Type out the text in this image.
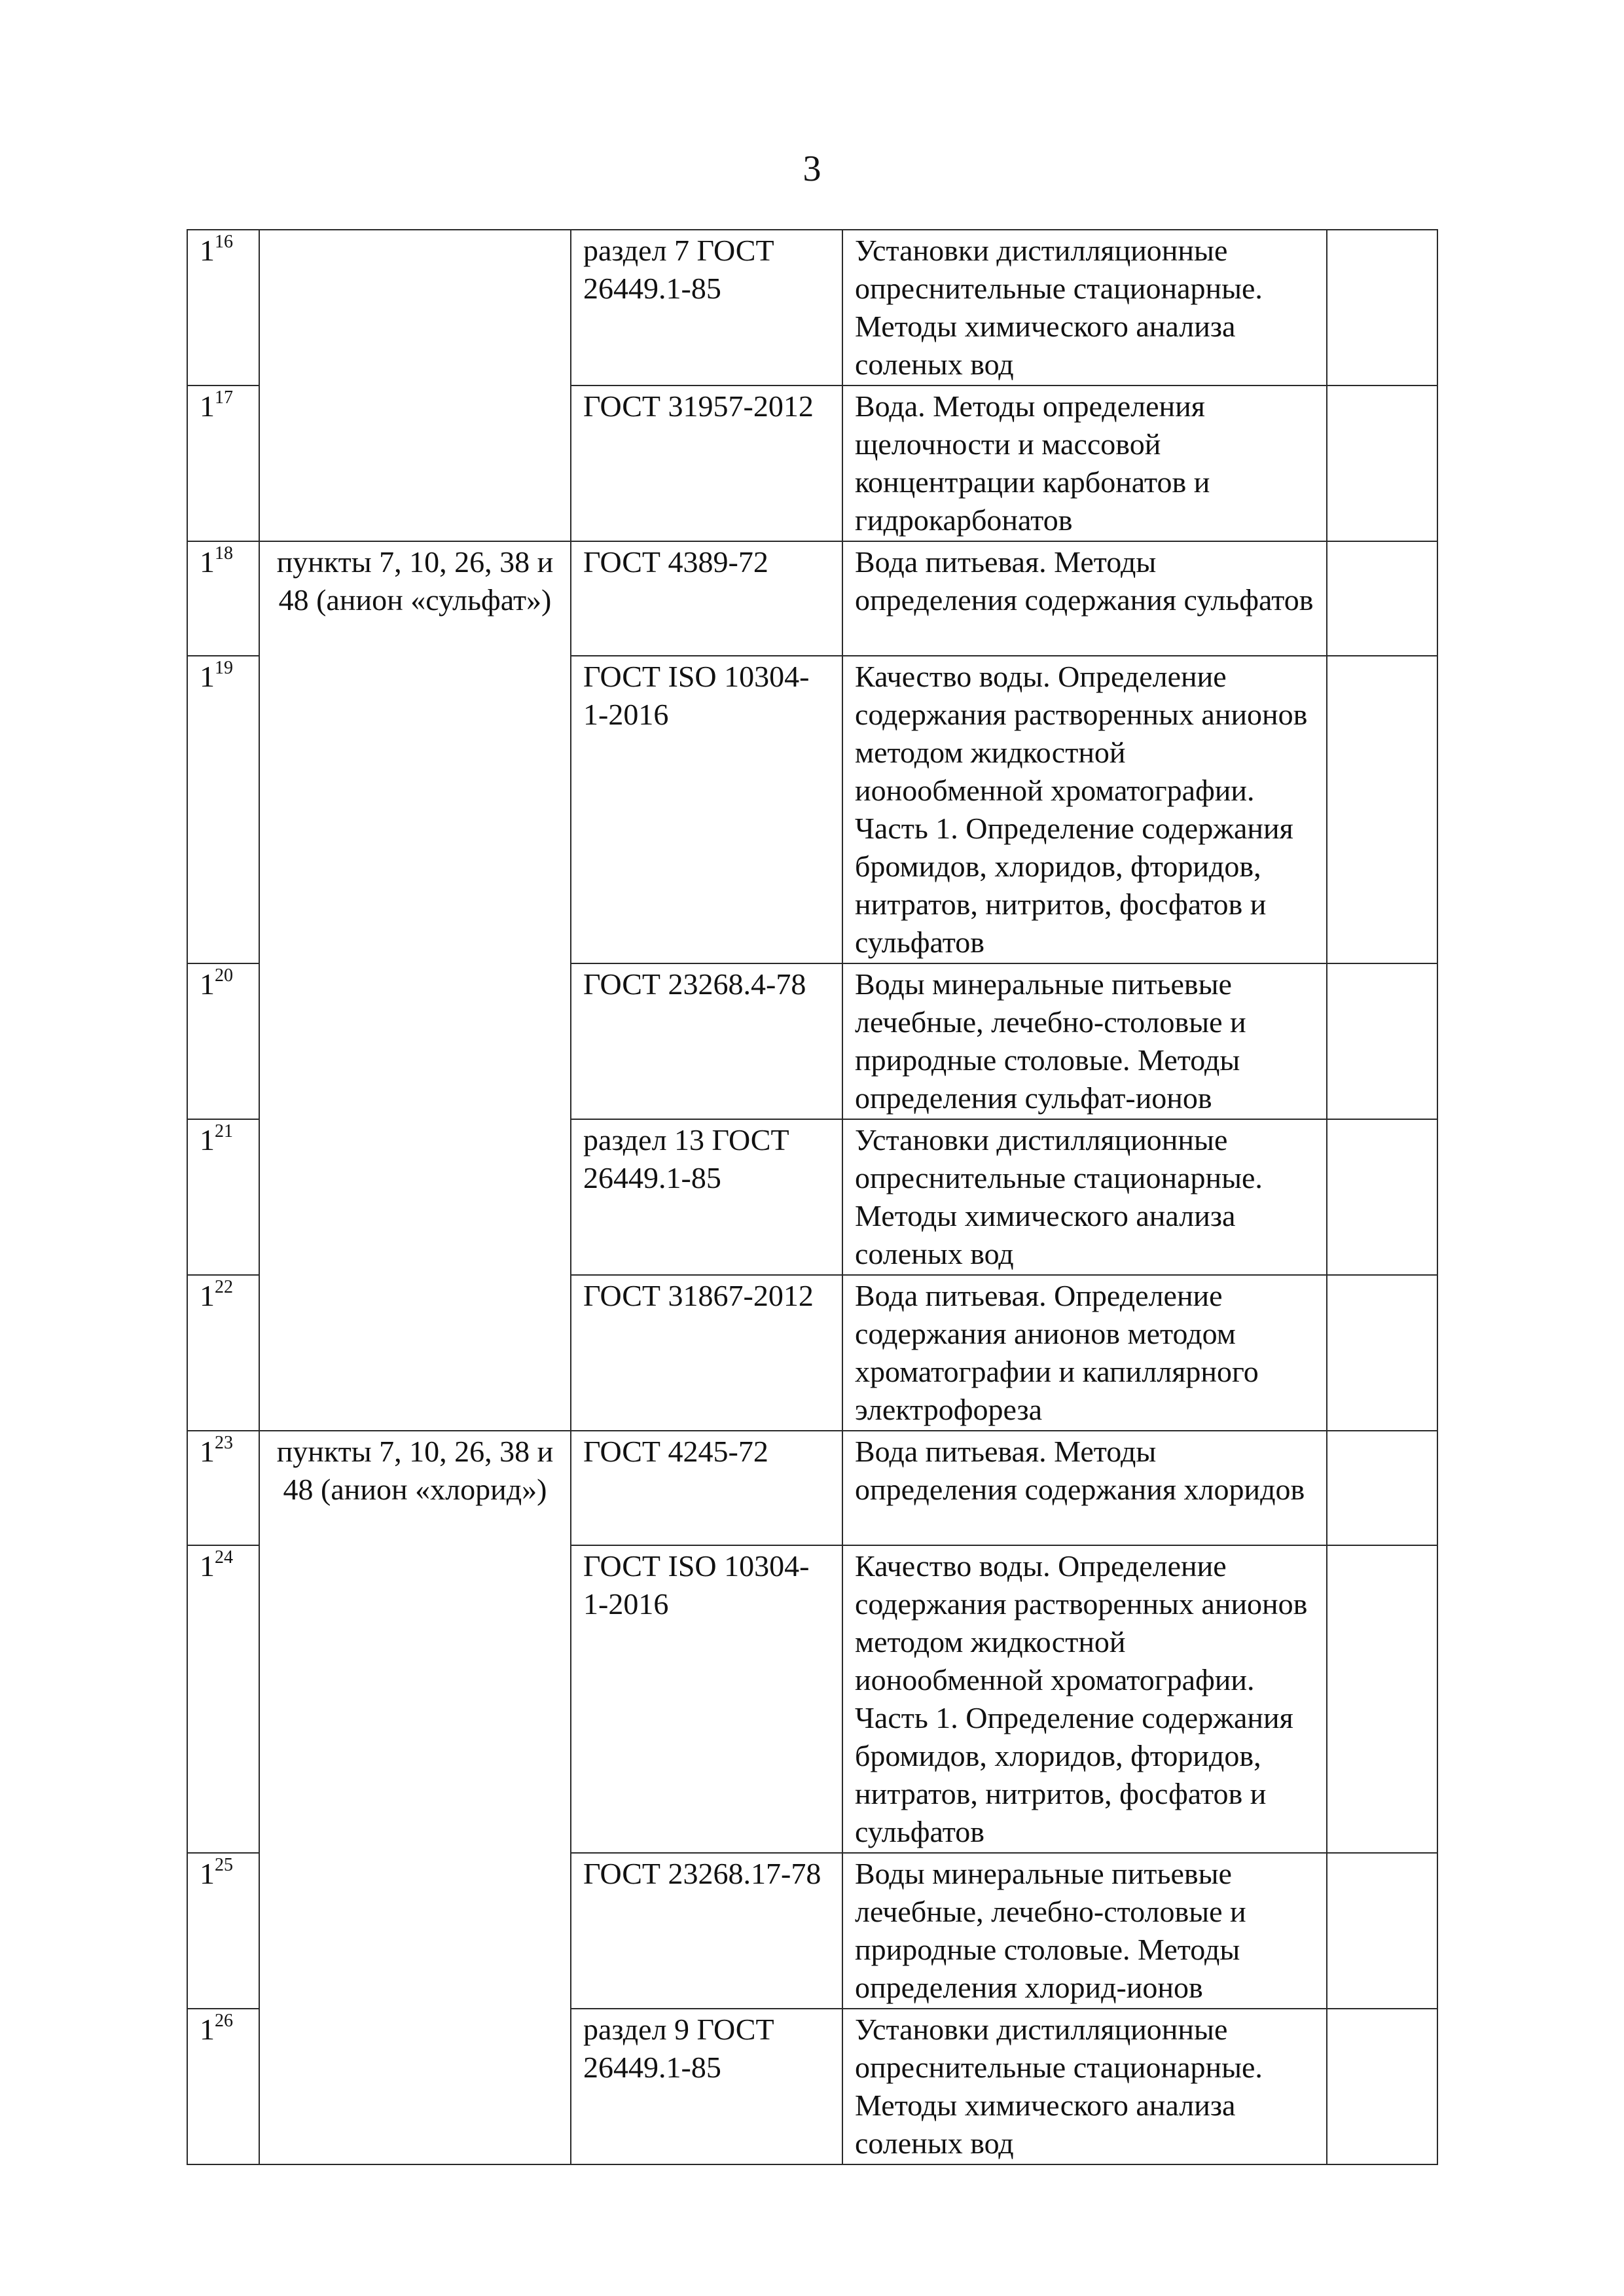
3
$1^{16}$		раздел 7 ГОСТ 26449.1-85	Установки дистилляционные опреснительные стационарные. Методы химического анализа соленых вод	
$1^{17}$		ГОСТ 31957-2012	Вода. Методы определения щелочности и массовой концентрации карбонатов и гидрокарбонатов	
$1^{18}$	пункты 7, 10, 26, 38 и 48 (анион «сульфат»)	ГОСТ 4389-72	Вода питьевая. Методы определения содержания сульфатов	
$1^{19}$		ГОСТ ISO 10304-1-2016	Качество воды. Определение содержания растворенных анионов методом жидкостной ионообменной хроматографии. Часть 1. Определение содержания бромидов, хлоридов, фторидов, нитратов, нитритов, фосфатов и сульфатов	
$1^{20}$		ГОСТ 23268.4-78	Воды минеральные питьевые лечебные, лечебно-столовые и природные столовые. Методы определения сульфат-ионов	
$1^{21}$		раздел 13 ГОСТ 26449.1-85	Установки дистилляционные опреснительные стационарные. Методы химического анализа соленых вод	
$1^{22}$		ГОСТ 31867-2012	Вода питьевая. Определение содержания анионов методом хроматографии и капиллярного электрофореза	
$1^{23}$	пункты 7, 10, 26, 38 и 48 (анион «хлорид»)	ГОСТ 4245-72	Вода питьевая. Методы определения содержания хлоридов	
$1^{24}$		ГОСТ ISO 10304-1-2016	Качество воды. Определение содержания растворенных анионов методом жидкостной ионообменной хроматографии. Часть 1. Определение содержания бромидов, хлоридов, фторидов, нитратов, нитритов, фосфатов и сульфатов	
$1^{25}$		ГОСТ 23268.17-78	Воды минеральные питьевые лечебные, лечебно-столовые и природные столовые. Методы определения хлорид-ионов	
$1^{26}$		раздел 9 ГОСТ 26449.1-85	Установки дистилляционные опреснительные стационарные. Методы химического анализа соленых вод	
